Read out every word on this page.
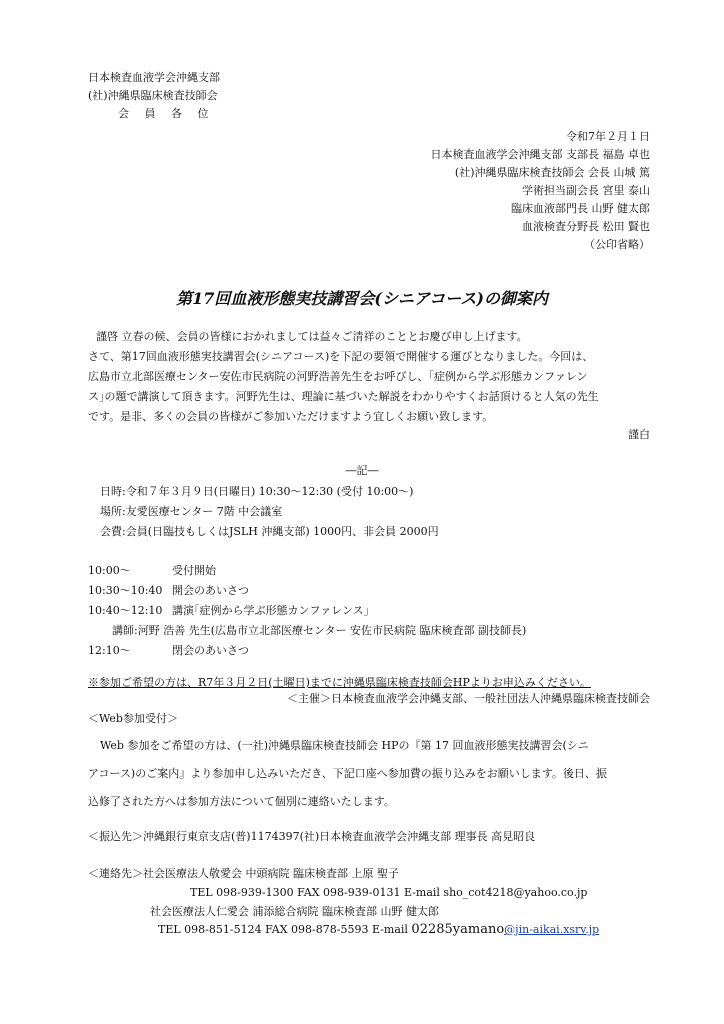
日本検査血液学会沖縄支部
(社)沖縄県臨床検査技師会
会 員 各 位
令和7年２月１日
日本検査血液学会沖縄支部 支部長 福島 卓也
(社)沖縄県臨床検査技師会 会長 山城 篤
学術担当副会長 宮里 泰山
臨床血液部門長 山野 健太郎
血液検査分野長 松田 賢也
（公印省略）
第17回血液形態実技講習会(シニアコース)の御案内
謹啓 立春の候、会員の皆様におかれましては益々ご清祥のこととお慶び申し上げます。
さて、第17回血液形態実技講習会(シニアコース)を下記の要領で開催する運びとなりました。今回は、
広島市立北部医療センター安佐市民病院の河野浩善先生をお呼びし、｢症例から学ぶ形態カンファレン
ス｣の題で講演して頂きます。河野先生は、理論に基づいた解説をわかりやすくお話頂けると人気の先生
です。是非、多くの会員の皆様がご参加いただけますよう宜しくお願い致します。
謹白
―記―
日時:令和７年３月９日(日曜日) 10:30～12:30 (受付 10:00～)
場所:友愛医療センター 7階 中会議室
会費:会員(日臨技もしくはJSLH 沖縄支部) 1000円、非会員 2000円
10:00～	受付開始
10:30～10:40 開会のあいさつ
10:40～12:10 講演｢症例から学ぶ形態カンファレンス｣
講師:河野 浩善 先生(広島市立北部医療センター 安佐市民病院 臨床検査部 副技師長)
12:10～	閉会のあいさつ
※参加ご希望の方は、R7年３月２日(土曜日)までに沖縄県臨床検査技師会HPよりお申込みください。
＜主催＞日本検査血液学会沖縄支部、一般社団法人沖縄県臨床検査技師会
＜Web参加受付＞
Web 参加をご希望の方は、(一社)沖縄県臨床検査技師会 HPの『第 17 回血液形態実技講習会(シニ
アコース)のご案内』より参加申し込みいただき、下記口座へ参加費の振り込みをお願いします。後日、振
込修了された方へは参加方法について個別に連絡いたします。
＜振込先＞沖縄銀行東京支店(普)1174397(社)日本検査血液学会沖縄支部 理事長 高見昭良
＜連絡先＞社会医療法人敬愛会 中頭病院 臨床検査部 上原 聖子
TEL 098-939-1300 FAX 098-939-0131 E-mail sho_cot4218@yahoo.co.jp
社会医療法人仁愛会 浦添総合病院 臨床検査部 山野 健太郎
TEL 098-851-5124 FAX 098-878-5593 E-mail 02285yamano@jin-aikai.xsrv.jp
